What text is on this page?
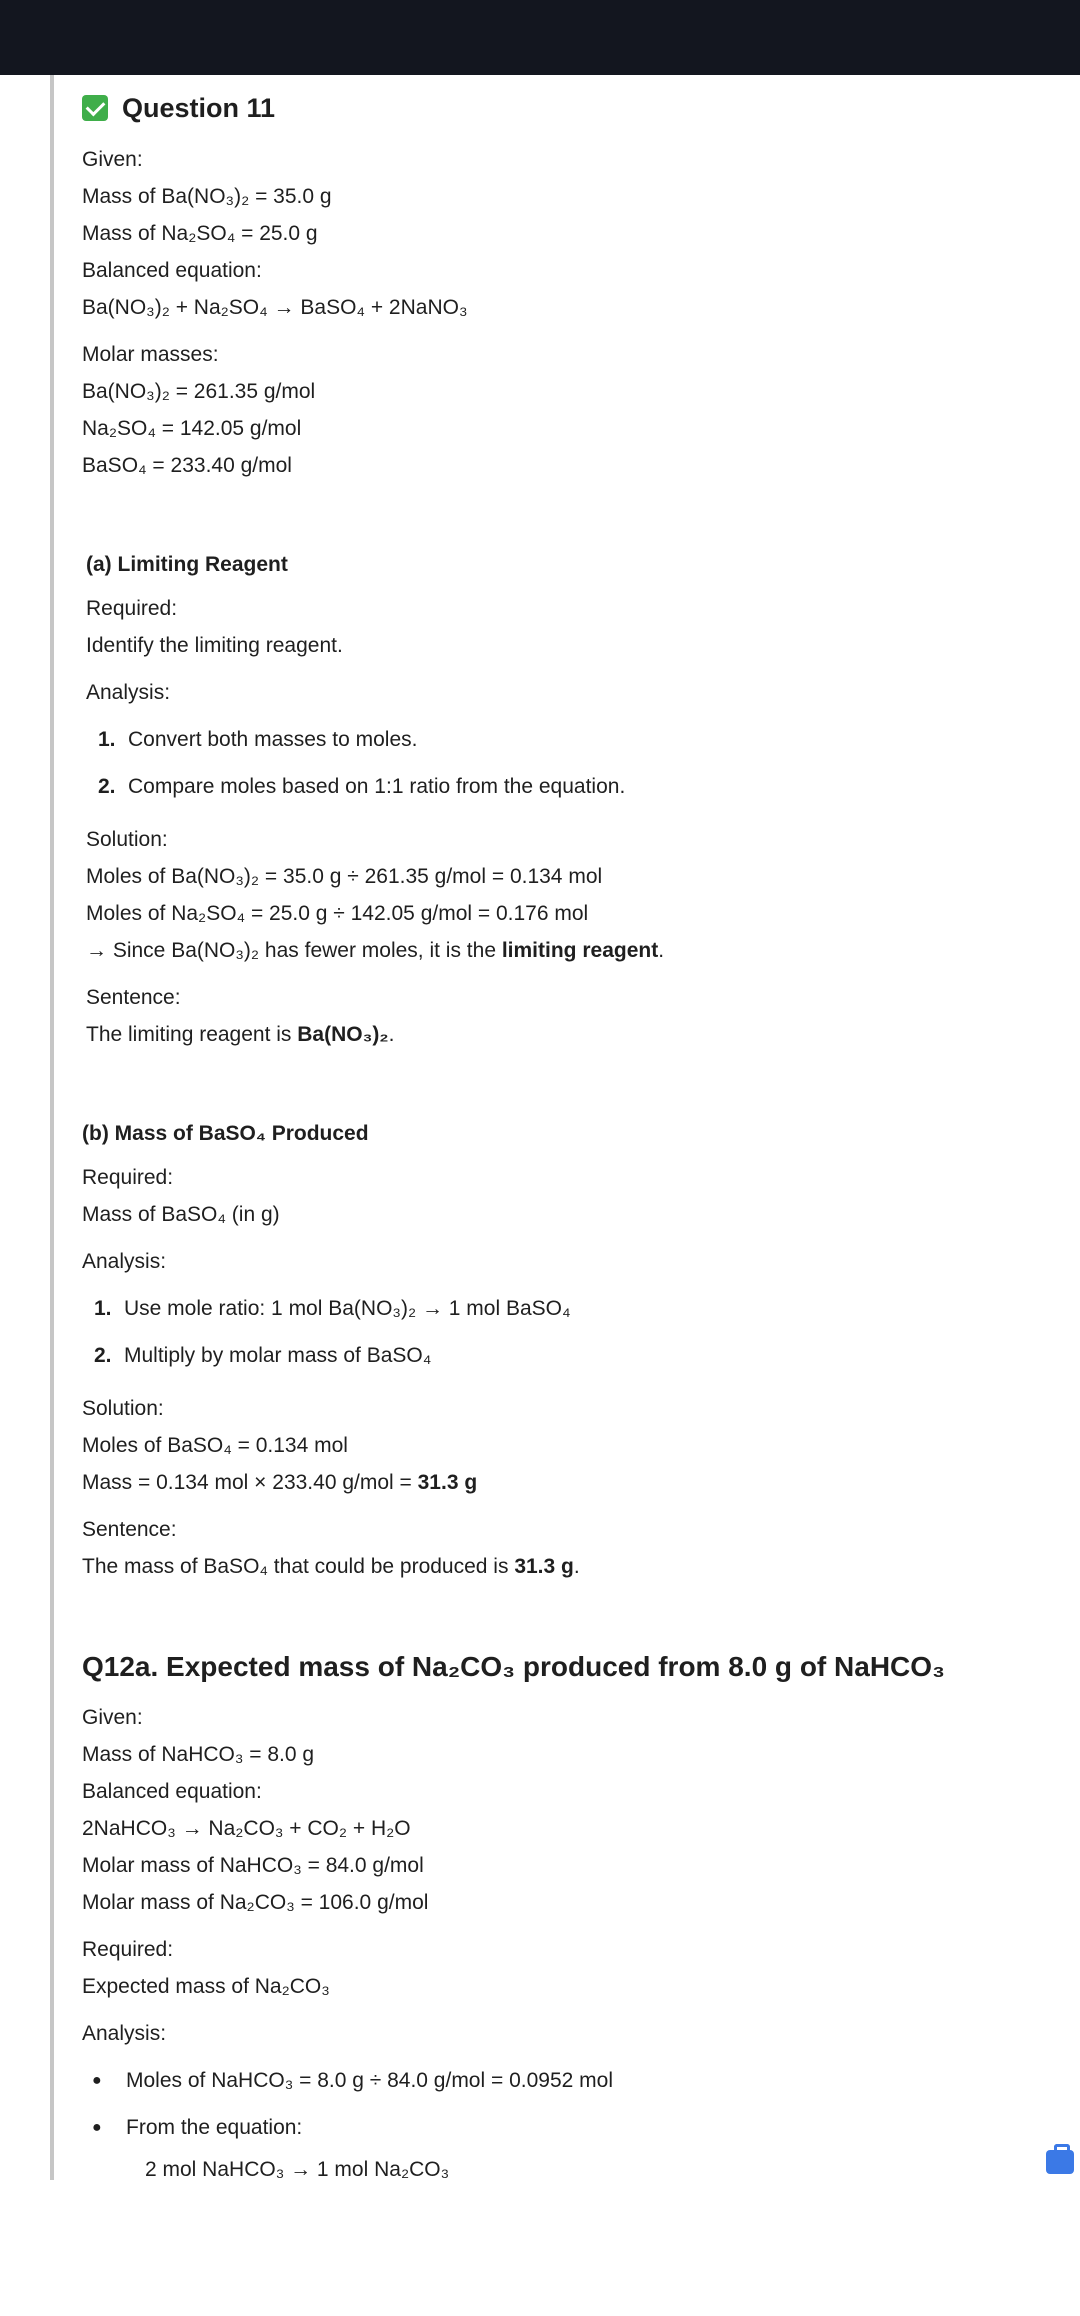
Question 11
Given:
Mass of Ba(NO₃)₂ = 35.0 g
Mass of Na₂SO₄ = 25.0 g
Balanced equation:
Ba(NO₃)₂ + Na₂SO₄ → BaSO₄ + 2NaNO₃
Molar masses:
Ba(NO₃)₂ = 261.35 g/mol
Na₂SO₄ = 142.05 g/mol
BaSO₄ = 233.40 g/mol
(a) Limiting Reagent
Required:
Identify the limiting reagent.
Analysis:
1. Convert both masses to moles.
2. Compare moles based on 1:1 ratio from the equation.
Solution:
Moles of Ba(NO₃)₂ = 35.0 g ÷ 261.35 g/mol = 0.134 mol
Moles of Na₂SO₄ = 25.0 g ÷ 142.05 g/mol = 0.176 mol
→ Since Ba(NO₃)₂ has fewer moles, it is the limiting reagent.
Sentence:
The limiting reagent is Ba(NO₃)₂.
(b) Mass of BaSO₄ Produced
Required:
Mass of BaSO₄ (in g)
Analysis:
1. Use mole ratio: 1 mol Ba(NO₃)₂ → 1 mol BaSO₄
2. Multiply by molar mass of BaSO₄
Solution:
Moles of BaSO₄ = 0.134 mol
Mass = 0.134 mol × 233.40 g/mol = 31.3 g
Sentence:
The mass of BaSO₄ that could be produced is 31.3 g.
Q12a. Expected mass of Na₂CO₃ produced from 8.0 g of NaHCO₃
Given:
Mass of NaHCO₃ = 8.0 g
Balanced equation:
2NaHCO₃ → Na₂CO₃ + CO₂ + H₂O
Molar mass of NaHCO₃ = 84.0 g/mol
Molar mass of Na₂CO₃ = 106.0 g/mol
Required:
Expected mass of Na₂CO₃
Analysis:
●	Moles of NaHCO₃ = 8.0 g ÷ 84.0 g/mol = 0.0952 mol
●	From the equation:
2 mol NaHCO₃ → 1 mol Na₂CO₃
